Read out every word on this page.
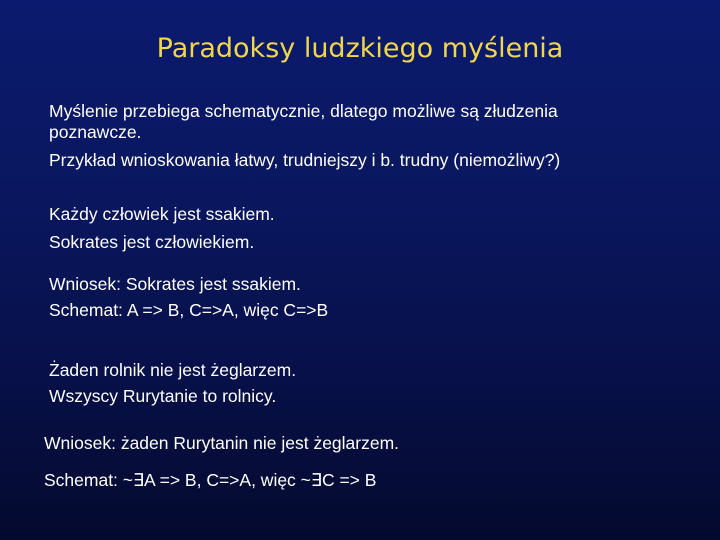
Paradoksy ludzkiego myślenia
Myślenie przebiega schematycznie, dlatego możliwe są złudzenia
poznawcze.
Przykład wnioskowania łatwy, trudniejszy i b. trudny (niemożliwy?)
Każdy człowiek jest ssakiem.
Sokrates jest człowiekiem.
Wniosek: Sokrates jest ssakiem.
Schemat: A => B, C=>A, więc C=>B
Żaden rolnik nie jest żeglarzem.
Wszyscy Rurytanie to rolnicy.
Wniosek: żaden Rurytanin nie jest żeglarzem.
Schemat: ~∃A => B, C=>A, więc ~∃C => B
